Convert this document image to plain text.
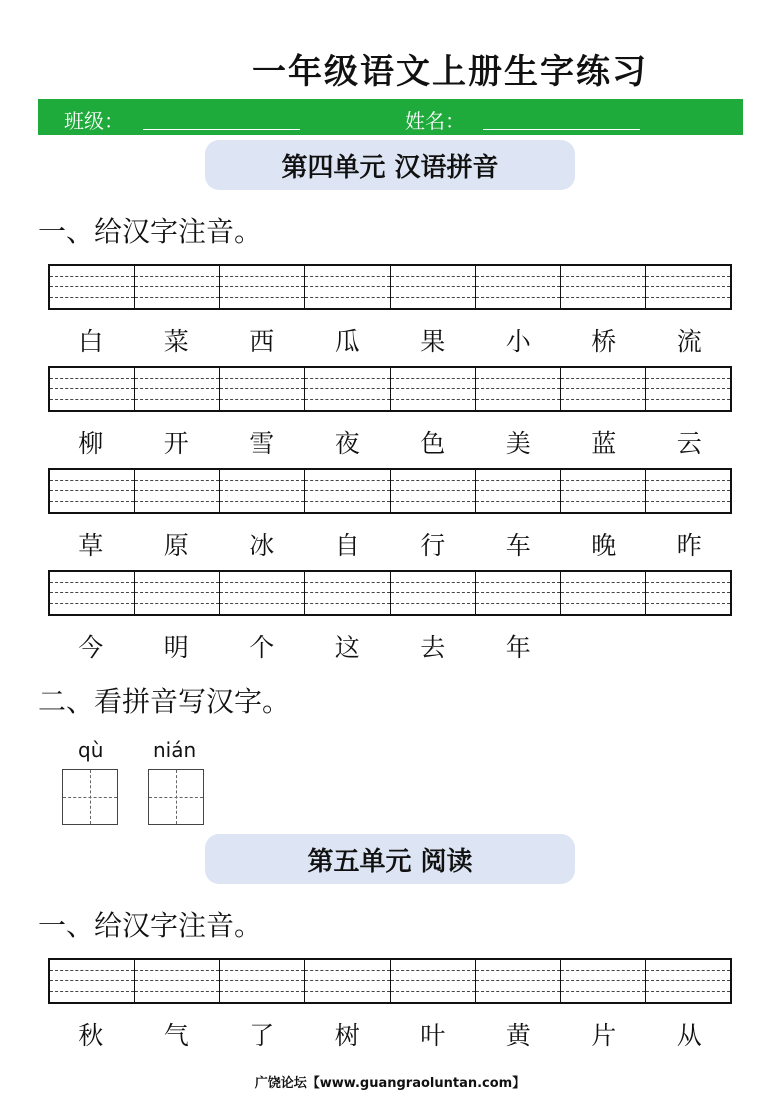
一年级语文上册生字练习
班级：	姓名：
第四单元 汉语拼音
一、给汉字注音。
白	菜	西	瓜	果	小	桥	流
柳	开	雪	夜	色	美	蓝	云
草	原	冰	自	行	车	晚	昨
今	明	个	这	去	年
二、看拼音写汉字。
qù nián
第五单元 阅读
一、给汉字注音。
秋	气	了	树	叶	黄	片	从
广饶论坛【www.guangraoluntan.com】
